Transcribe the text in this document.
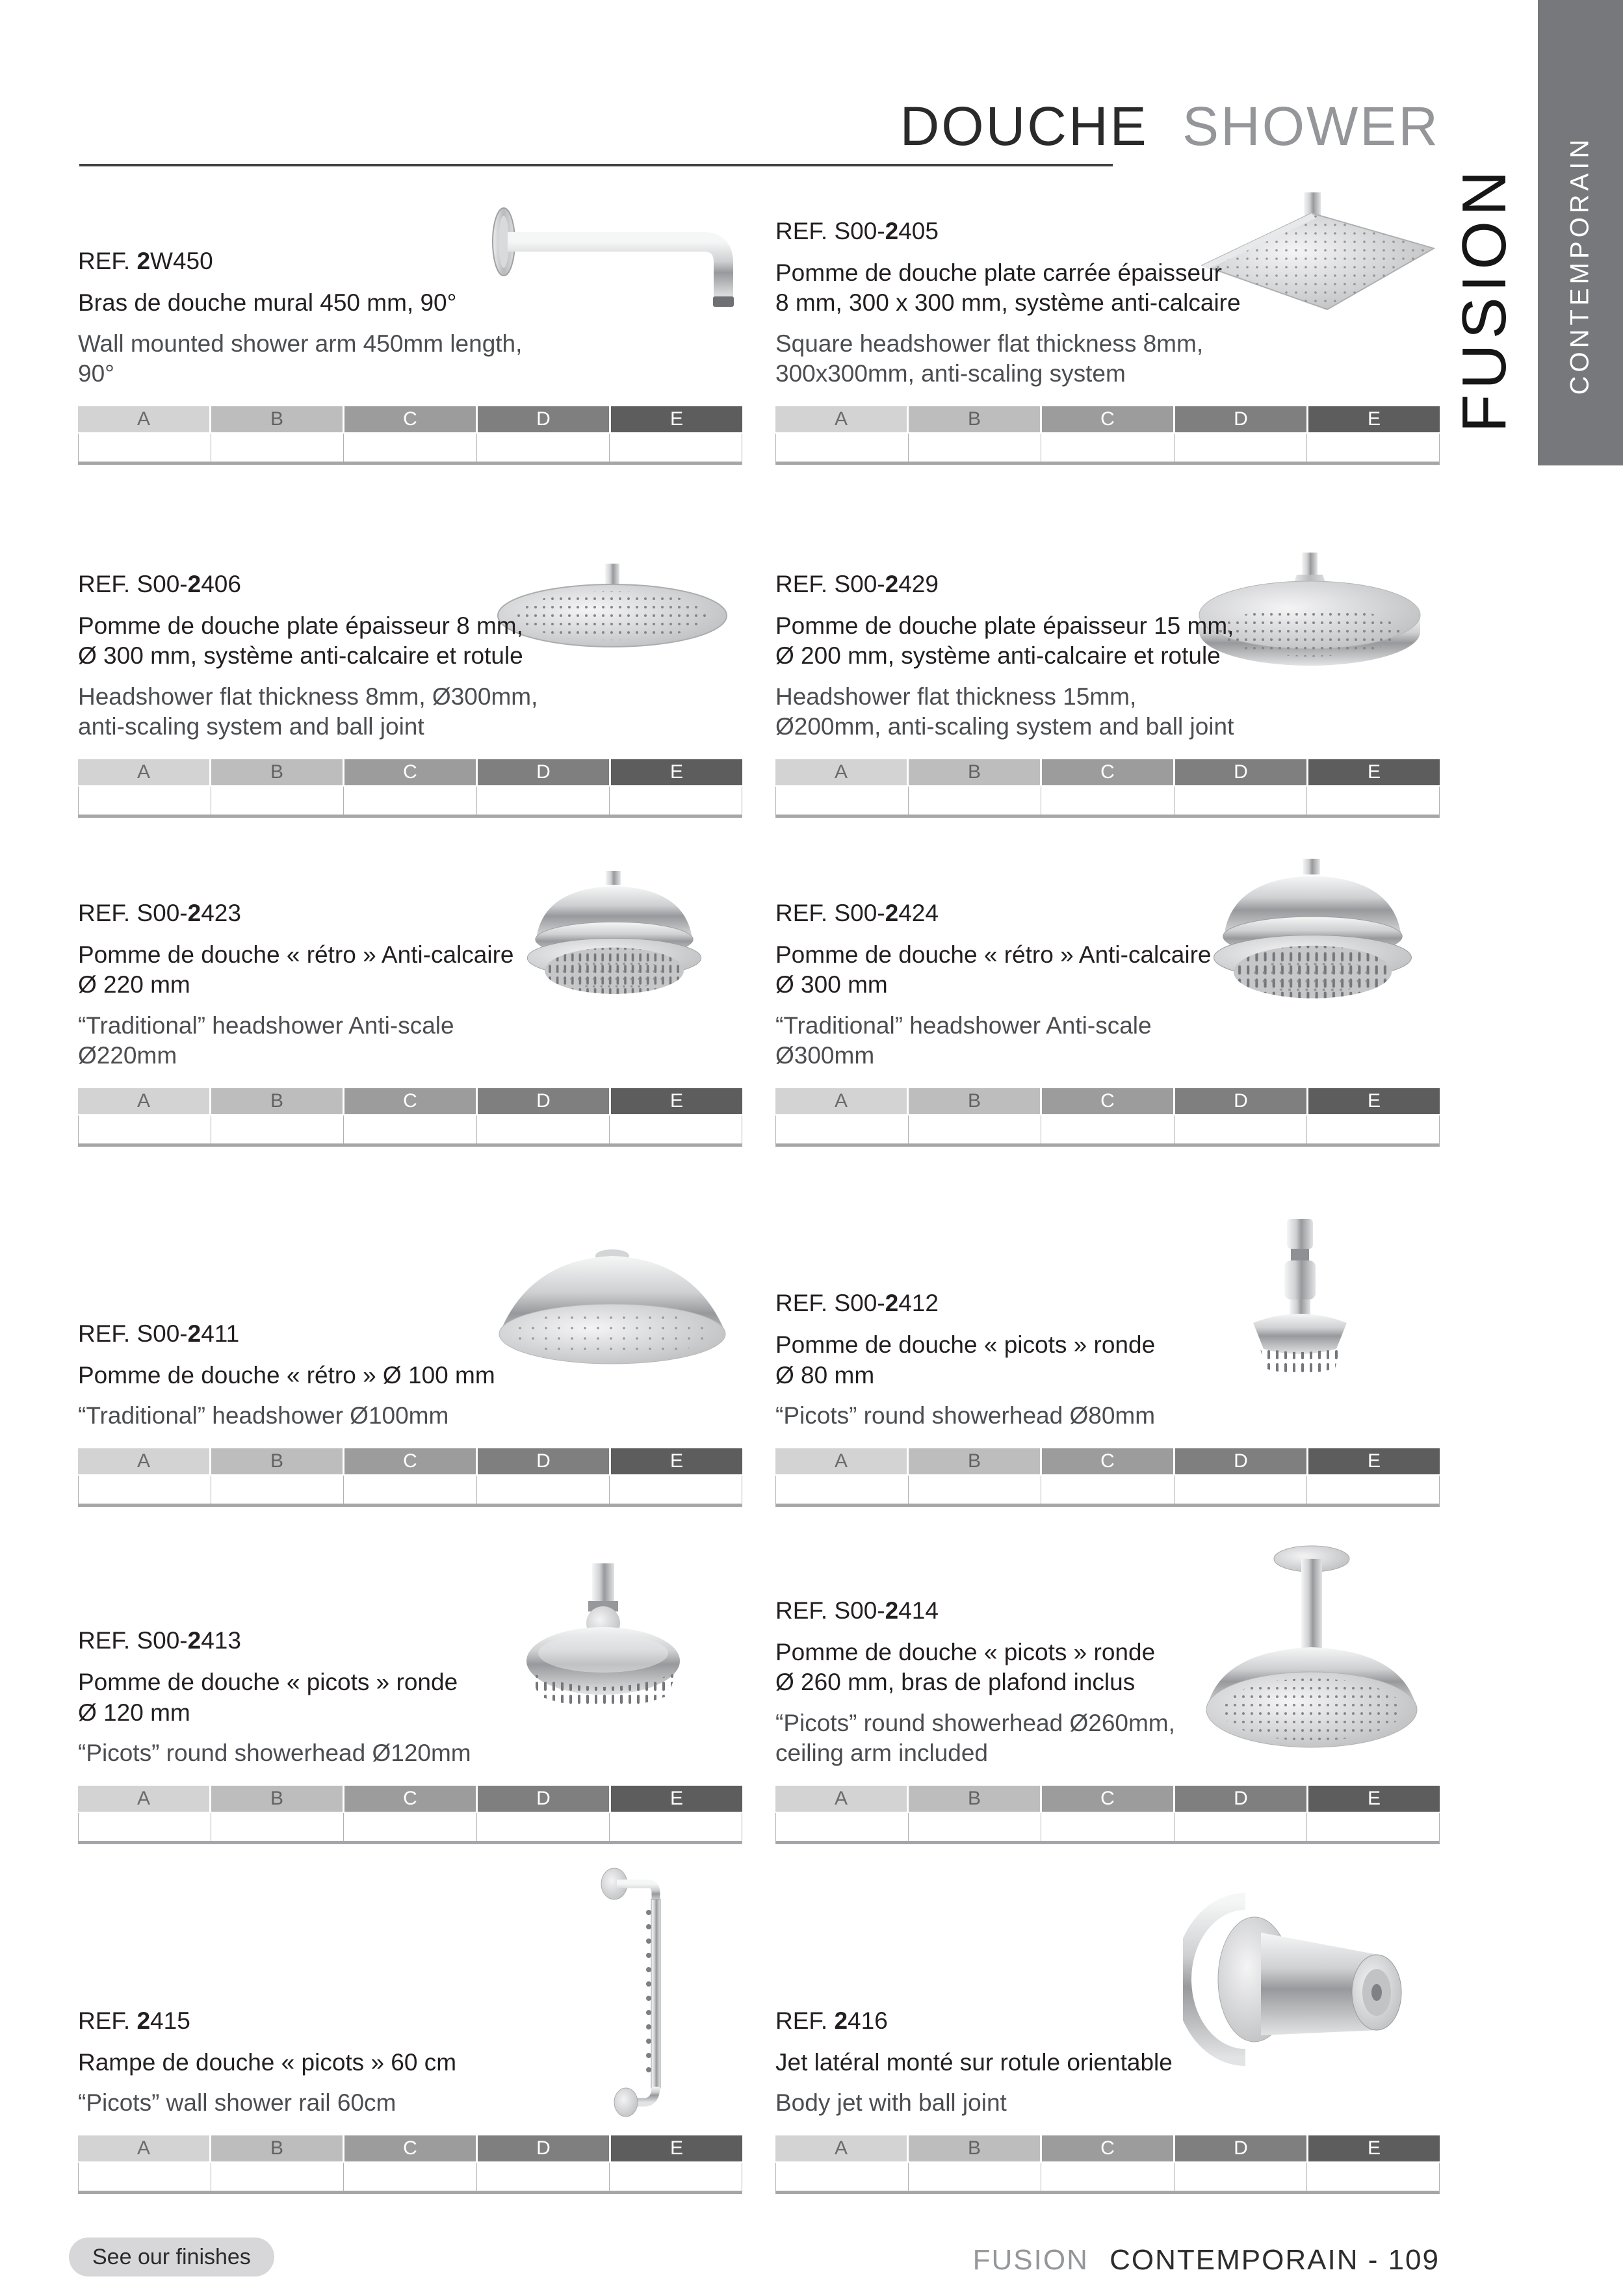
DOUCHE SHOWER
CONTEMPORAIN
FUSION

REF. 2W450

Bras de douche mural 450 mm, 90°

Wall mounted shower arm 450mm length,
90°

A	B	C	D	E

REF. S00-2405

Pomme de douche plate carrée épaisseur
8 mm, 300 x 300 mm, système anti-calcaire

Square headshower flat thickness 8mm,
300x300mm, anti-scaling system

A	B	C	D	E

REF. S00-2406

Pomme de douche plate épaisseur 8 mm,
Ø 300 mm, système anti-calcaire et rotule

Headshower flat thickness 8mm, Ø300mm,
anti-scaling system and ball joint

A	B	C	D	E

REF. S00-2429

Pomme de douche plate épaisseur 15 mm,
Ø 200 mm, système anti-calcaire et rotule

Headshower flat thickness 15mm,
Ø200mm, anti-scaling system and ball joint

A	B	C	D	E

REF. S00-2423

Pomme de douche « rétro » Anti-calcaire
Ø 220 mm

“Traditional” headshower Anti-scale
Ø220mm

A	B	C	D	E

REF. S00-2424

Pomme de douche « rétro » Anti-calcaire
Ø 300 mm

“Traditional” headshower Anti-scale
Ø300mm

A	B	C	D	E

REF. S00-2411

Pomme de douche « rétro » Ø 100 mm

“Traditional” headshower Ø100mm

A	B	C	D	E

REF. S00-2412

Pomme de douche « picots » ronde
Ø 80 mm

“Picots” round showerhead Ø80mm

A	B	C	D	E

REF. S00-2413

Pomme de douche « picots » ronde
Ø 120 mm

“Picots” round showerhead Ø120mm

A	B	C	D	E

REF. S00-2414

Pomme de douche « picots » ronde
Ø 260 mm, bras de plafond inclus

“Picots” round showerhead Ø260mm,
ceiling arm included

A	B	C	D	E

REF. 2415

Rampe de douche « picots » 60 cm

“Picots” wall shower rail 60cm

A	B	C	D	E

REF. 2416

Jet latéral monté sur rotule orientable

Body jet with ball joint

A	B	C	D	E
See our finishes	FUSION CONTEMPORAIN - 109
